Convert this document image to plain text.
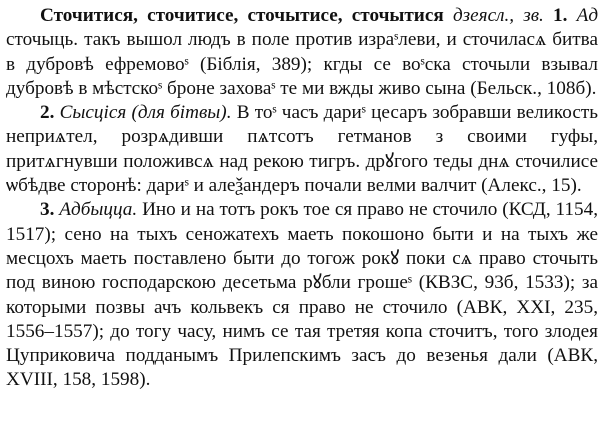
Сточитися, сточитисе, сточытисе, сточытися дзеясл., зв. 1. Ад сточыць. такъ вышол людъ в поле против израˢлеви, и сточилаcѧ битва в дубровѣ ефремовоˢ (Біблія, 389); кгды се воˢcка сточыли взывал дубровѣ в мѣстcкоˢ броне заховаˢ те ми вжды живо сына (Бельск., 108б).

2. Сысціся (для бітвы). В тоˢ часъ дариˢ цесаръ зобравши великость неприѧтел, розрѧдивши пѧтсотъ гетманов з своими гуфы, притѧгнувши положивсѧ над рекою тигръ. дрꙋгого теды днѧ сточилисе ѡбѣдве сторонѣ: дариˢ и алеѯандеръ почали велми валчит (Алекс., 15).

3. Адбыцца. Ино и на тотъ рокъ тое ся право не сточило (КСД, 1154, 1517); сено на тыхъ сеножатехъ маеть покошоно быти и на тыхъ же месцохъ маеть поставлено быти до тогож рокꙋ поки сѧ право сточыть под виною господарскою десетьма рꙋбли грошеˢ (КВЗС, 93б, 1533); за которыми позвы ачъ кольвекъ ся право не сточило (АВК, XXI, 235, 1556–1557); до тогу часу, нимъ се тая третяя копа сточитъ, того злодея Цуприковича подданымъ Прилепскимъ засъ до везенья дали (АВК, XVIII, 158, 1598).
